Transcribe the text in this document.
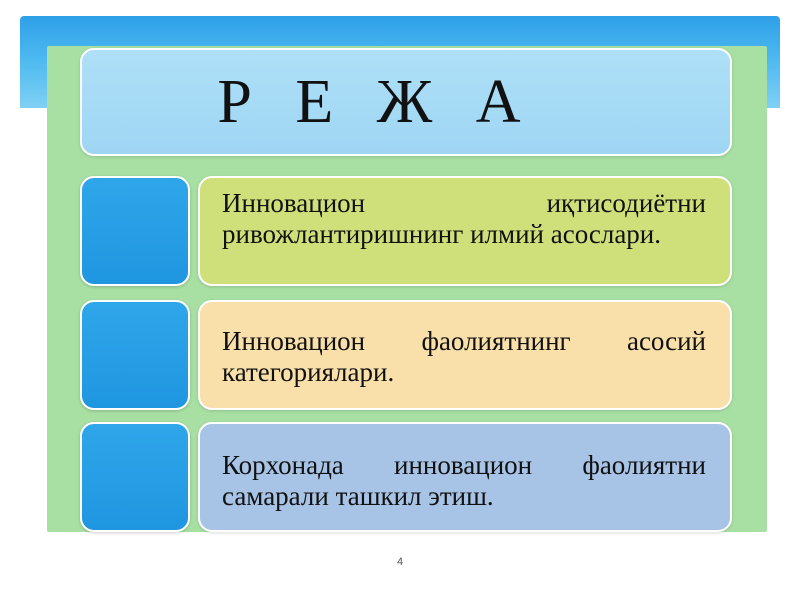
Р Е Ж А
Инновацион иқтисодиётни ривожлантиришнинг илмий асослари.
Инновацион фаолиятнинг асосий категориялари.
Корхонада инновацион фаолиятни самарали ташкил этиш.
4
